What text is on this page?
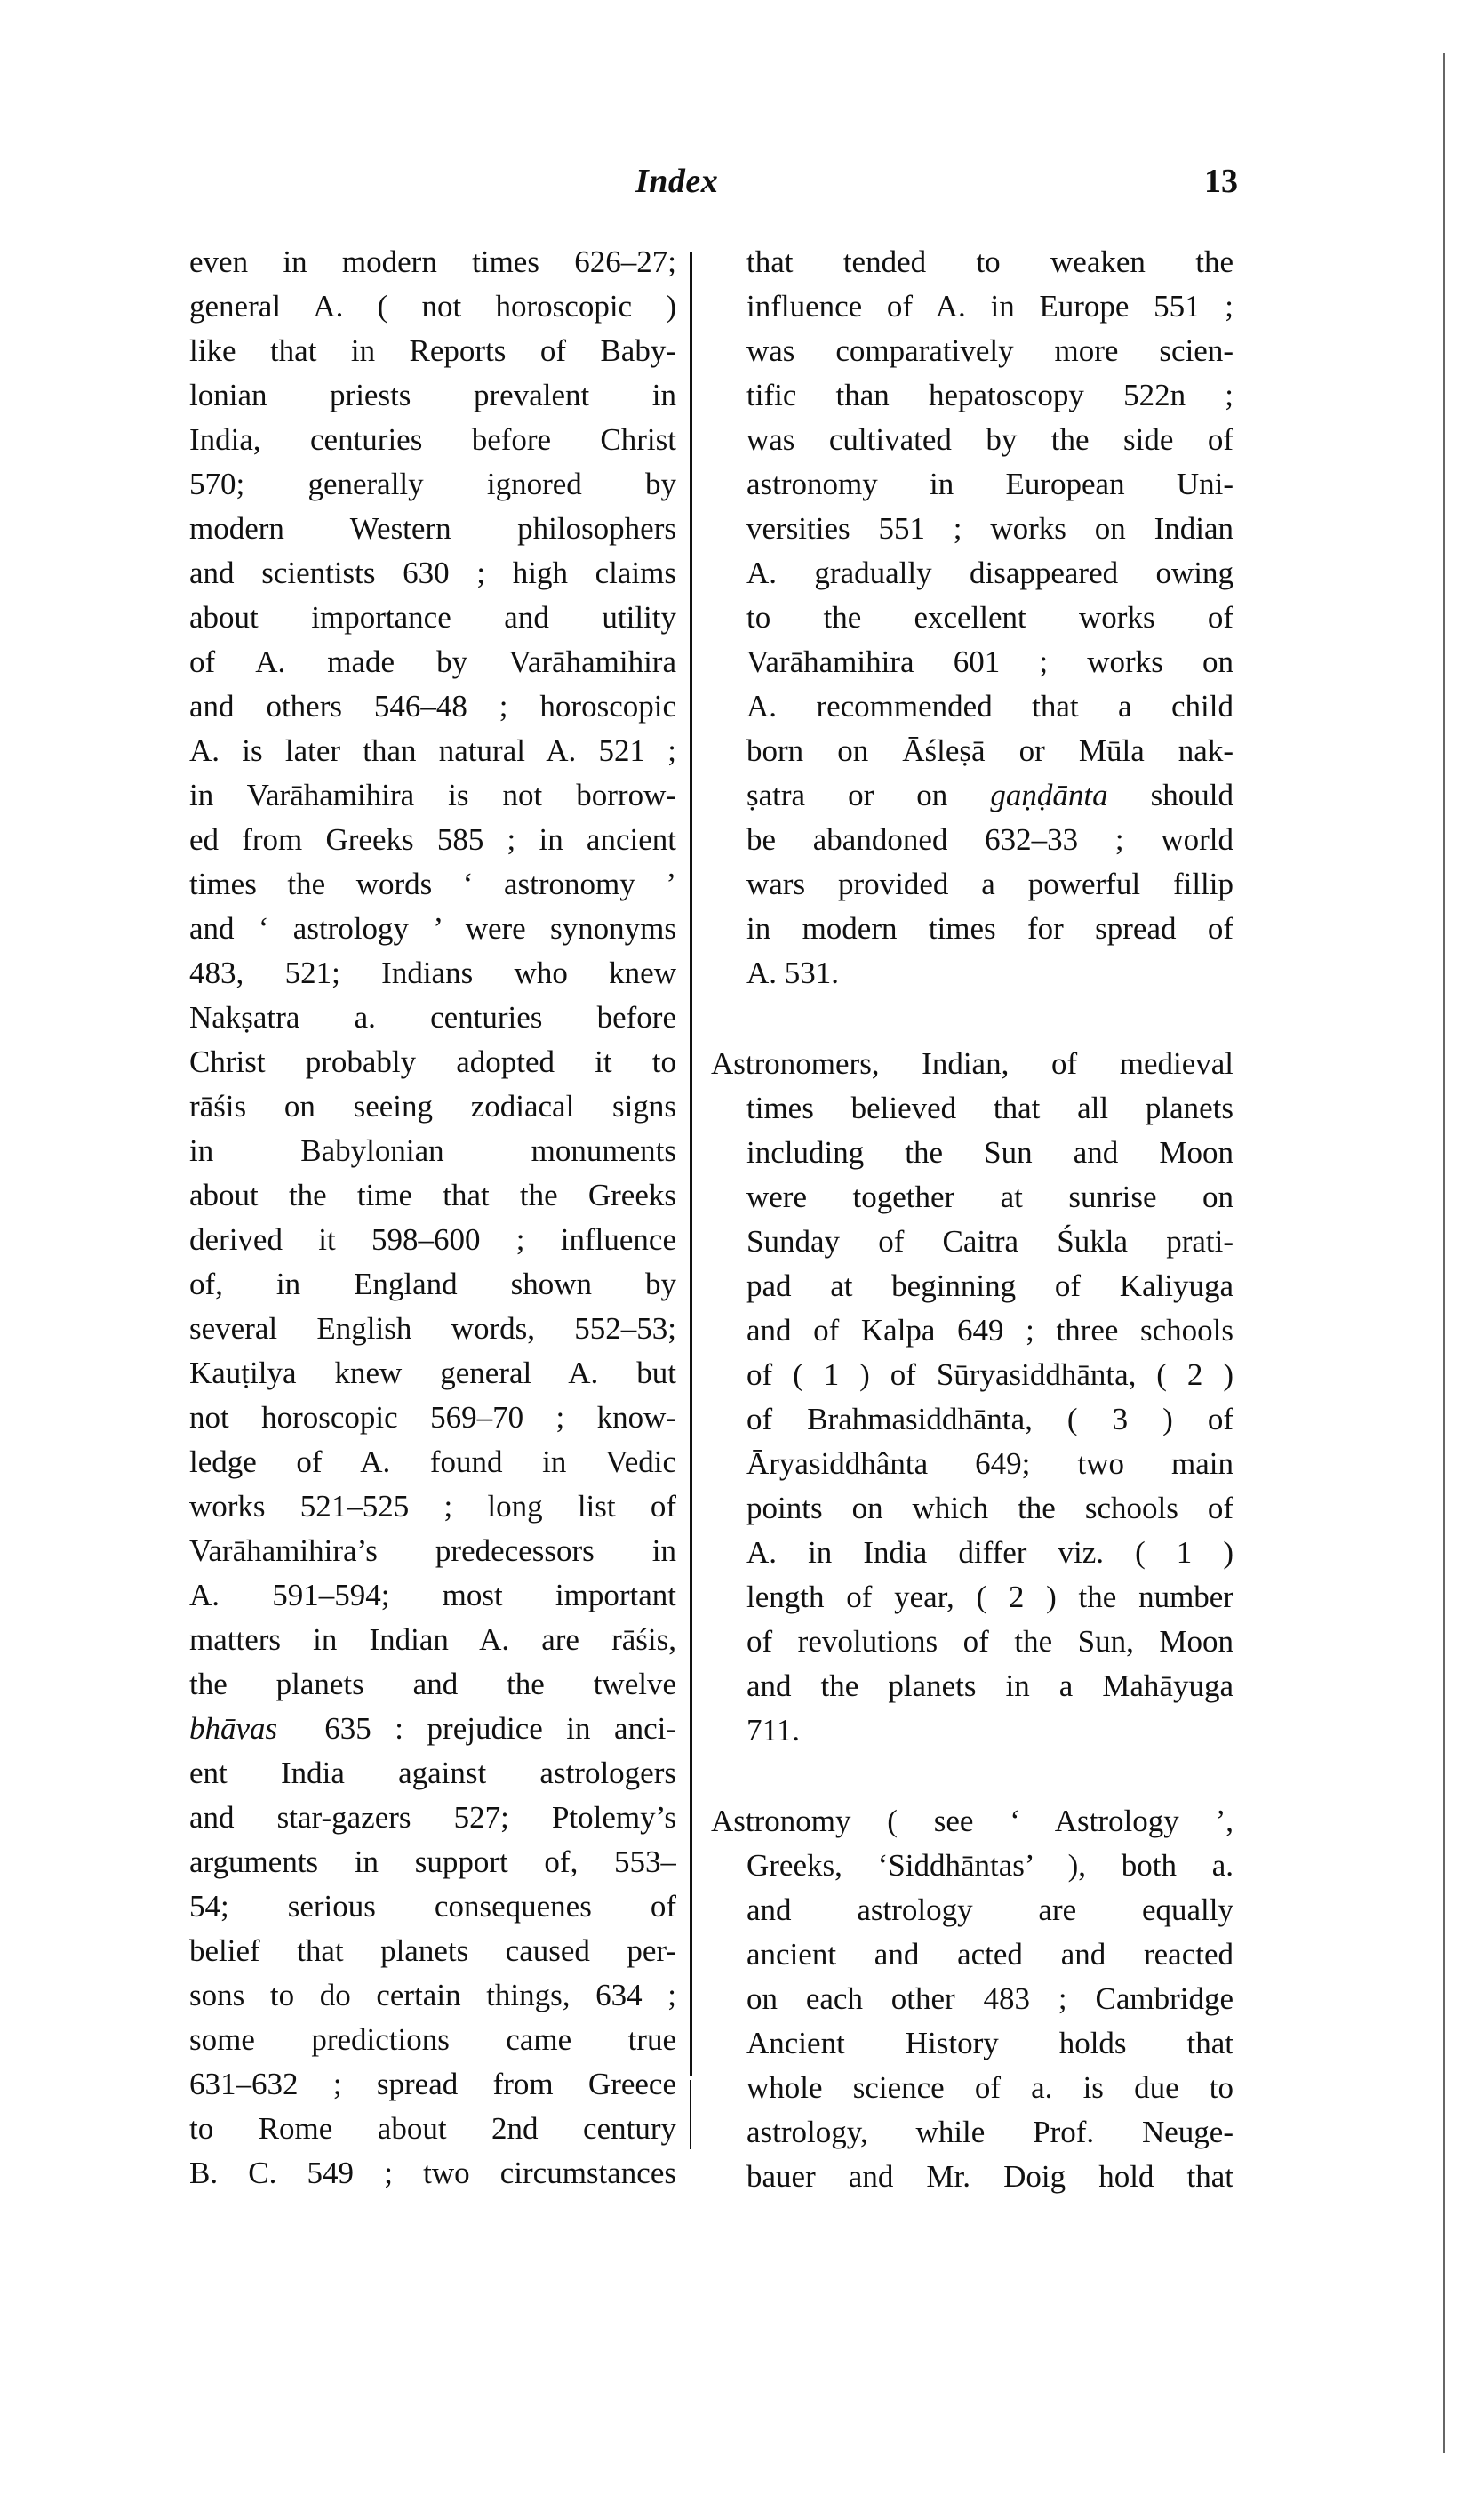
Index	13
even in modern times 626–27;
general A. ( not horoscopic )
like that in Reports of Baby-
lonian priests prevalent in
India, centuries before Christ
570; generally ignored by
modern Western philosophers
and scientists 630 ; high claims
about importance and utility
of A. made by Varāhamihira
and others 546–48 ; horoscopic
A. is later than natural A. 521 ;
in Varāhamihira is not borrow-
ed from Greeks 585 ; in ancient
times the words ‘ astronomy ’
and ‘ astrology ’ were synonyms
483, 521; Indians who knew
Nakṣatra a. centuries before
Christ probably adopted it to
rāśis on seeing zodiacal signs
in Babylonian monuments
about the time that the Greeks
derived it 598–600 ; influence
of, in England shown by
several English words, 552–53;
Kauṭilya knew general A. but
not horoscopic 569–70 ; know-
ledge of A. found in Vedic
works 521–525 ; long list of
Varāhamihira’s predecessors in
A. 591–594; most important
matters in Indian A. are rāśis,
the planets and the twelve
bhāvas 635 : prejudice in anci-
ent India against astrologers
and star-gazers 527; Ptolemy’s
arguments in support of, 553–
54; serious consequenes of
belief that planets caused per-
sons to do certain things, 634 ;
some predictions came true
631–632 ; spread from Greece
to Rome about 2nd century
B. C. 549 ; two circumstances
that tended to weaken the
influence of A. in Europe 551 ;
was comparatively more scien-
tific than hepatoscopy 522n ;
was cultivated by the side of
astronomy in European Uni-
versities 551 ; works on Indian
A. gradually disappeared owing
to the excellent works of
Varāhamihira 601 ; works on
A. recommended that a child
born on Āśleṣā or Mūla nak-
ṣatra or on gaṇḍānta should
be abandoned 632–33 ; world
wars provided a powerful fillip
in modern times for spread of
A. 531.
Astronomers, Indian, of medieval
times believed that all planets
including the Sun and Moon
were together at sunrise on
Sunday of Caitra Śukla prati-
pad at beginning of Kaliyuga
and of Kalpa 649 ; three schools
of ( 1 ) of Sūryasiddhānta, ( 2 )
of Brahmasiddhānta, ( 3 ) of
Āryasiddhânta 649; two main
points on which the schools of
A. in India differ viz. ( 1 )
length of year, ( 2 ) the number
of revolutions of the Sun, Moon
and the planets in a Mahāyuga
711.
Astronomy ( see ‘ Astrology ’,
Greeks, ‘Siddhāntas’ ), both a.
and astrology are equally
ancient and acted and reacted
on each other 483 ; Cambridge
Ancient History holds that
whole science of a. is due to
astrology, while Prof. Neuge-
bauer and Mr. Doig hold that
